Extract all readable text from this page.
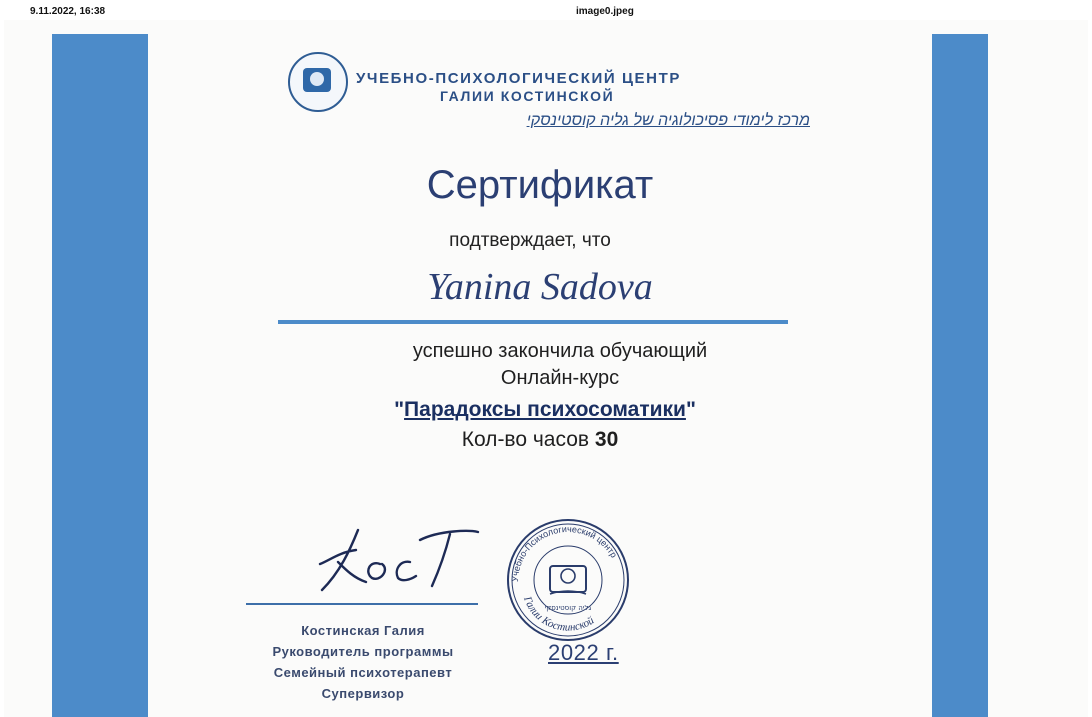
9.11.2022, 16:38	image0.jpeg
УЧЕБНО-ПСИХОЛОГИЧЕСКИЙ ЦЕНТР
ГАЛИИ КОСТИНСКОЙ
מרכז לימודי פסיכולוגיה של גליה קוסטינסקי
Сертификат
подтверждает, что
Yanina Sadova
успешно закончила обучающий
Онлайн-курс
"Парадоксы психосоматики"
Кол-во часов 30
Костинская Галия
Руководитель программы
Семейный психотерапевт
Супервизор
Учебно-Психологический центр
Галии Костинской
גליה קוסטינסקי
2022 г.
